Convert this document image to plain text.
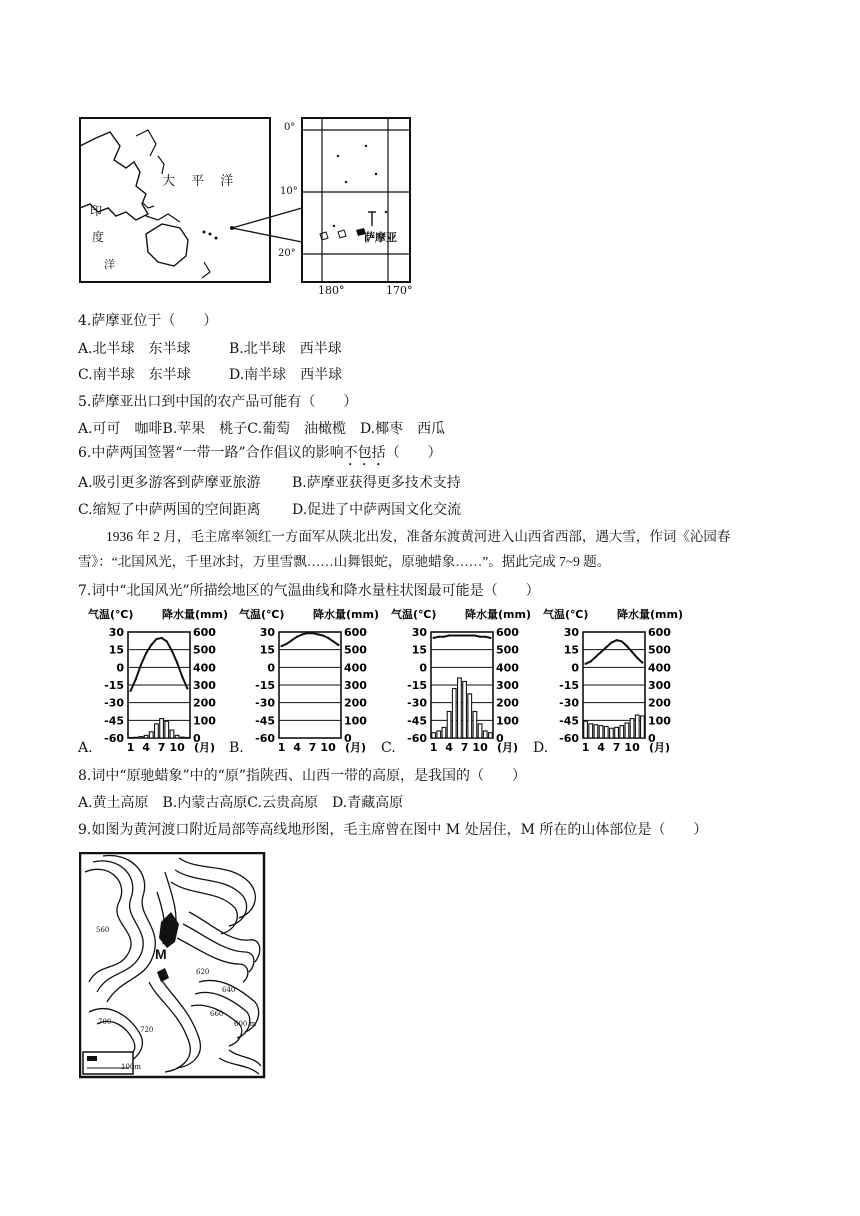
大 平 洋
印
度
洋
0°
10°
20°
180°	170°
萨摩亚
4.萨摩亚位于（　　）
A.北半球　东半球	B.北半球　西半球
C.南半球　东半球	D.南半球　西半球
5.萨摩亚出口到中国的农产品可能有（　　）
A.可可　咖啡B.苹果　桃子C.葡萄　油橄榄　D.椰枣　西瓜
6.中萨两国签署“一带一路”合作倡议的影响不包括（　　）
A.吸引更多游客到萨摩亚旅游 B.萨摩亚获得更多技术支持
C.缩短了中萨两国的空间距离 D.促进了中萨两国文化交流
1936 年 2 月，毛主席率领红一方面军从陕北出发，准备东渡黄河进入山西省西部，遇大雪，作词《沁园春 雪》：“北国风光，千里冰封，万里雪飘……山舞银蛇，原驰蜡象……”。据此完成 7~9 题。
7.词中“北国风光”所描绘地区的气温曲线和降水量柱状图最可能是（　　）
气温(℃)	降水量(mm)
30	600
15	500
0	400
-15	300
-30	200
-45	100
-60	0
1 4 7 10 (月)
A.
气温(℃)	降水量(mm)
30	600
15	500
0	400
-15	300
-30	200
-45	100
-60	0
1 4 7 10 (月)
B.
气温(℃)	降水量(mm)
30	600
15	500
0	400
-15	300
-30	200
-45	100
-60	0
1 4 7 10 (月)
C.
气温(℃)	降水量(mm)
30	600
15	500
0	400
-15	300
-30	200
-45	100
-60	0
1 4 7 10 (月)
D.
8.词中“原驰蜡象”中的“原”指陕西、山西一带的高原，是我国的（　　）
A.黄土高原　B.内蒙古高原C.云贵高原　D.青藏高原
9.如图为黄河渡口附近局部等高线地形图，毛主席曾在图中 M 处居住，M 所在的山体部位是（　　）
M
560
620
640
700
720
660
600 m
100m
